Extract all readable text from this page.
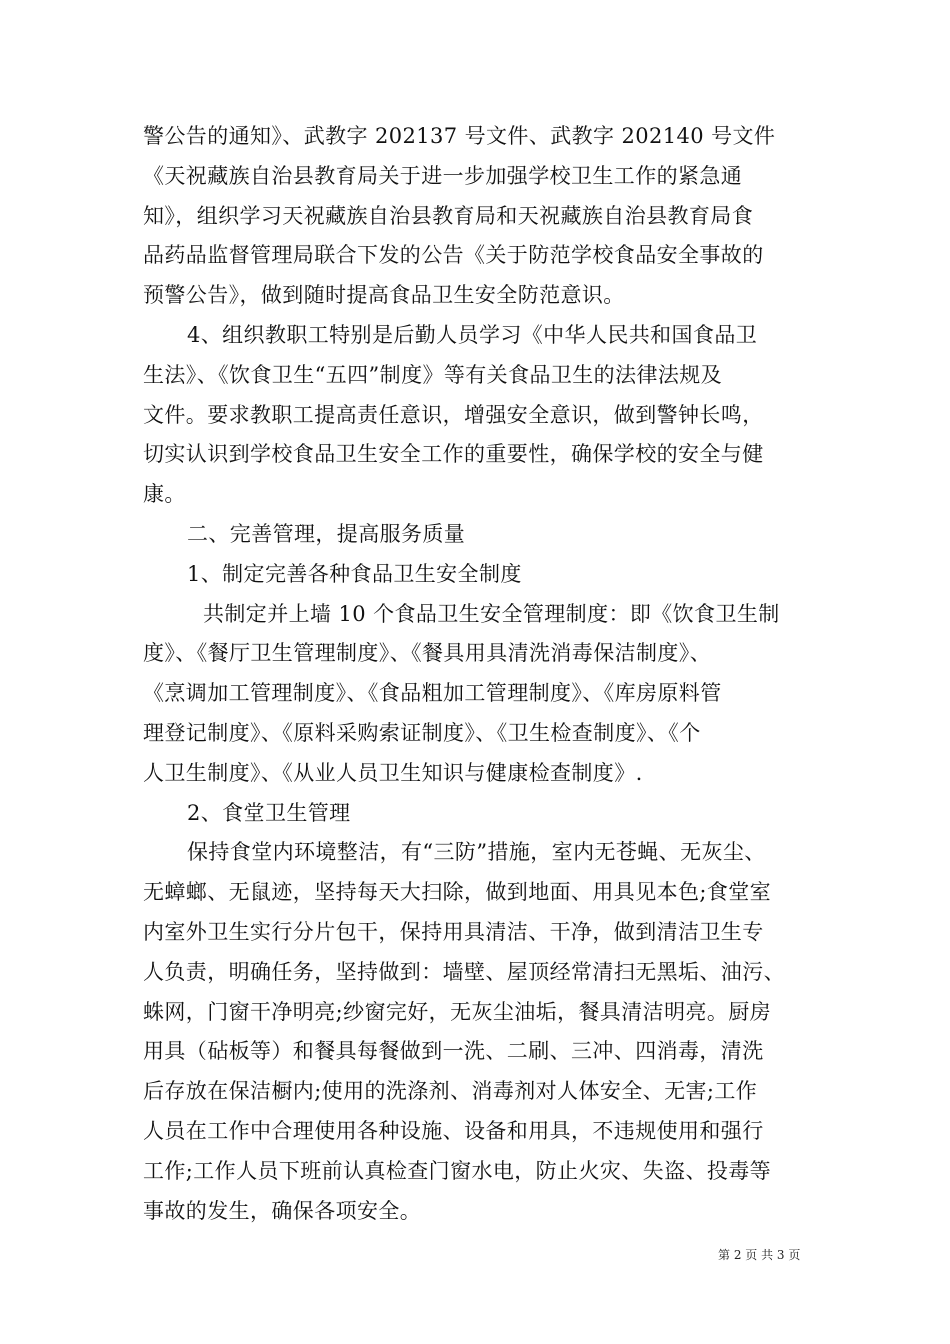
警公告的通知》、武教字 202137 号文件、武教字 202140 号文件
《天祝藏族自治县教育局关于进一步加强学校卫生工作的紧急通
知》，组织学习天祝藏族自治县教育局和天祝藏族自治县教育局食
品药品监督管理局联合下发的公告《关于防范学校食品安全事故的
预警公告》，做到随时提高食品卫生安全防范意识。
4、组织教职工特别是后勤人员学习《中华人民共和国食品卫
生法》、《饮食卫生“五四”制度》等有关食品卫生的法律法规及
文件。要求教职工提高责任意识，增强安全意识，做到警钟长鸣，
切实认识到学校食品卫生安全工作的重要性，确保学校的安全与健
康。
二、完善管理，提高服务质量
1、制定完善各种食品卫生安全制度
共制定并上墙 10 个食品卫生安全管理制度：即《饮食卫生制
度》、《餐厅卫生管理制度》、《餐具用具清洗消毒保洁制度》、
《烹调加工管理制度》、《食品粗加工管理制度》、《库房原料管
理登记制度》、《原料采购索证制度》、《卫生检查制度》、《个
人卫生制度》、《从业人员卫生知识与健康检查制度》.
2、食堂卫生管理
保持食堂内环境整洁，有“三防”措施，室内无苍蝇、无灰尘、
无蟑螂、无鼠迹，坚持每天大扫除，做到地面、用具见本色;食堂室
内室外卫生实行分片包干，保持用具清洁、干净，做到清洁卫生专
人负责，明确任务，坚持做到：墙壁、屋顶经常清扫无黑垢、油污、
蛛网，门窗干净明亮;纱窗完好，无灰尘油垢，餐具清洁明亮。厨房
用具（砧板等）和餐具每餐做到一洗、二刷、三冲、四消毒，清洗
后存放在保洁橱内;使用的洗涤剂、消毒剂对人体安全、无害;工作
人员在工作中合理使用各种设施、设备和用具，不违规使用和强行
工作;工作人员下班前认真检查门窗水电，防止火灾、失盗、投毒等
事故的发生，确保各项安全。
第 2 页 共 3 页
